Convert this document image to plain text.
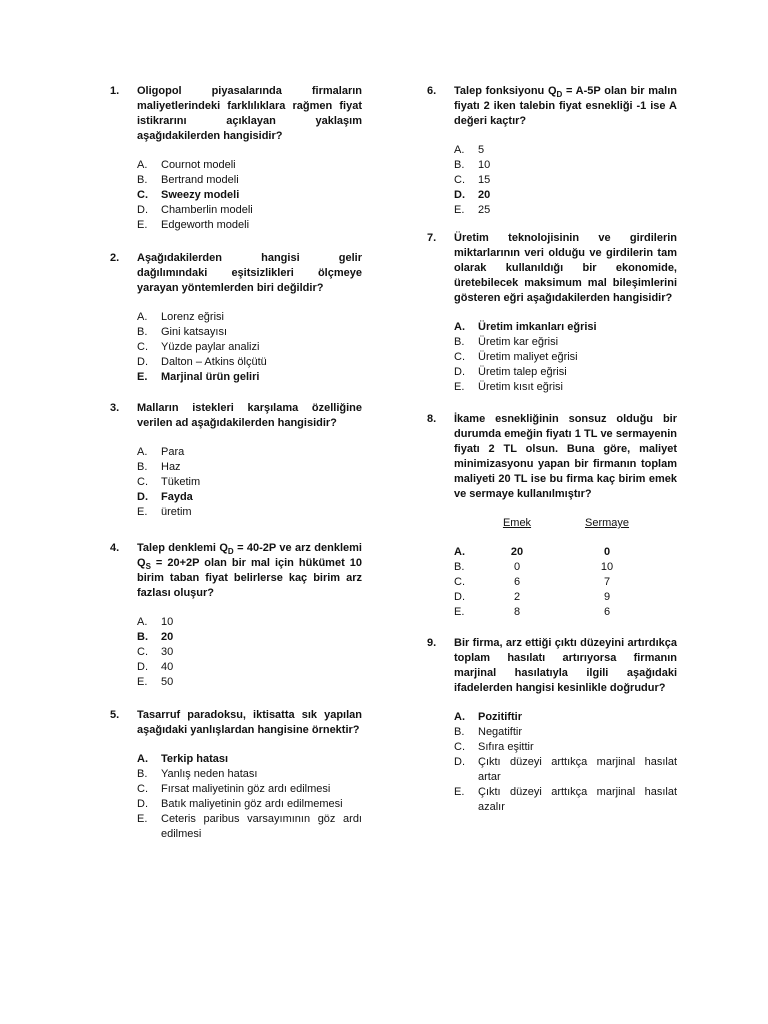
1.	Oligopol piyasalarında firmaların maliyetlerindeki farklılıklara rağmen fiyat istikrarını açıklayan yaklaşım aşağıdakilerden hangisidir?
A.	Cournot modeli
B.	Bertrand modeli
C.	Sweezy modeli
D.	Chamberlin modeli
E.	Edgeworth modeli
2.	Aşağıdakilerden hangisi gelir dağılımındaki eşitsizlikleri ölçmeye yarayan yöntemlerden biri değildir?
A.	Lorenz eğrisi
B.	Gini katsayısı
C.	Yüzde paylar analizi
D.	Dalton – Atkins ölçütü
E.	Marjinal ürün geliri
3.	Malların istekleri karşılama özelliğine verilen ad aşağıdakilerden hangisidir?
A.	Para
B.	Haz
C.	Tüketim
D.	Fayda
E.	üretim
4.	Talep denklemi $Q_D = 40-2P$ ve arz denklemi $Q_S = 20+2P$ olan bir mal için hükümet 10 birim taban fiyat belirlerse kaç birim arz fazlası oluşur?
A.	10
B.	20
C.	30
D.	40
E.	50
5.	Tasarruf paradoksu, iktisatta sık yapılan aşağıdaki yanlışlardan hangisine örnektir?
A.	Terkip hatası
B.	Yanlış neden hatası
C.	Fırsat maliyetinin göz ardı edilmesi
D.	Batık maliyetinin göz ardı edilmemesi
E.	Ceteris paribus varsayımının göz ardı edilmesi
6.	Talep fonksiyonu $Q_D = A-5P$ olan bir malın fiyatı 2 iken talebin fiyat esnekliği -1 ise A değeri kaçtır?
A.	5
B.	10
C.	15
D.	20
E.	25
7.	Üretim teknolojisinin ve girdilerin miktarlarının veri olduğu ve girdilerin tam olarak kullanıldığı bir ekonomide, üretebilecek maksimum mal bileşimlerini gösteren eğri aşağıdakilerden hangisidir?
A.	Üretim imkanları eğrisi
B.	Üretim kar eğrisi
C.	Üretim maliyet eğrisi
D.	Üretim talep eğrisi
E.	Üretim kısıt eğrisi
8.	İkame esnekliğinin sonsuz olduğu bir durumda emeğin fiyatı 1 TL ve sermayenin fiyatı 2 TL olsun. Buna göre, maliyet minimizasyonu yapan bir firmanın toplam maliyeti 20 TL ise bu firma kaç birim emek ve sermaye kullanılmıştır?
Emek	Sermaye
A.	20	0
B.	0	10
C.	6	7
D.	2	9
E.	8	6
9.	Bir firma, arz ettiği çıktı düzeyini artırdıkça toplam hasılatı artırıyorsa firmanın marjinal hasılatıyla ilgili aşağıdaki ifadelerden hangisi kesinlikle doğrudur?
A.	Pozitiftir
B.	Negatiftir
C.	Sıfıra eşittir
D.	Çıktı düzeyi arttıkça marjinal hasılat artar
E.	Çıktı düzeyi arttıkça marjinal hasılat azalır
